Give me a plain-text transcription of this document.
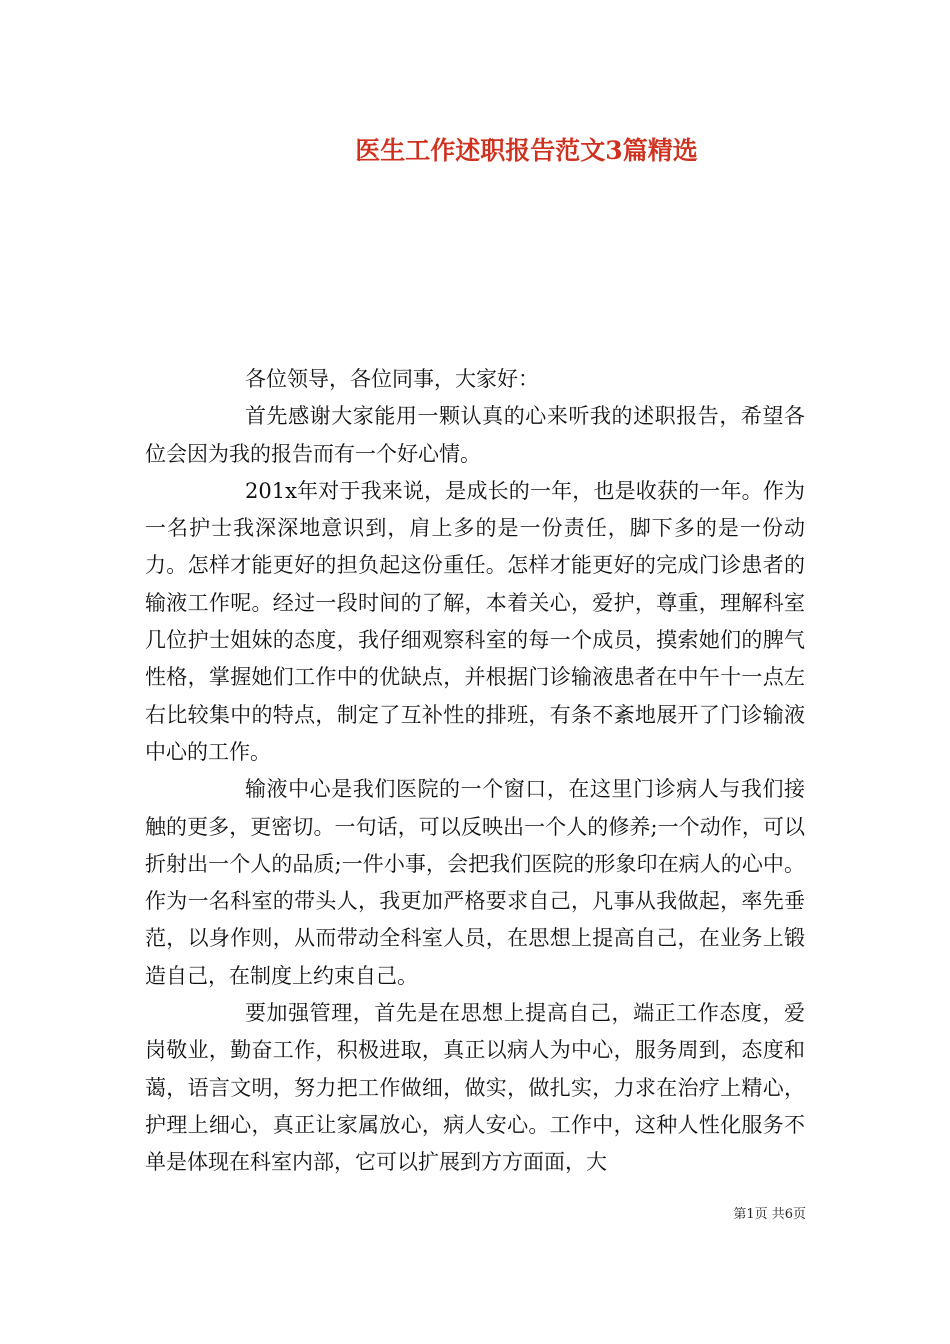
医生工作述职报告范文3篇精选

各位领导，各位同事，大家好：

首先感谢大家能用一颗认真的心来听我的述职报告，希望各位会因为我的报告而有一个好心情。

201x年对于我来说，是成长的一年，也是收获的一年。作为一名护士我深深地意识到，肩上多的是一份责任，脚下多的是一份动力。怎样才能更好的担负起这份重任。怎样才能更好的完成门诊患者的输液工作呢。经过一段时间的了解，本着关心，爱护，尊重，理解科室几位护士姐妹的态度，我仔细观察科室的每一个成员，摸索她们的脾气性格，掌握她们工作中的优缺点，并根据门诊输液患者在中午十一点左右比较集中的特点，制定了互补性的排班，有条不紊地展开了门诊输液中心的工作。

输液中心是我们医院的一个窗口，在这里门诊病人与我们接触的更多，更密切。一句话，可以反映出一个人的修养;一个动作，可以折射出一个人的品质;一件小事，会把我们医院的形象印在病人的心中。作为一名科室的带头人，我更加严格要求自己，凡事从我做起，率先垂范，以身作则，从而带动全科室人员，在思想上提高自己，在业务上锻造自己，在制度上约束自己。

要加强管理，首先是在思想上提高自己，端正工作态度，爱岗敬业，勤奋工作，积极进取，真正以病人为中心，服务周到，态度和蔼，语言文明，努力把工作做细，做实，做扎实，力求在治疗上精心，护理上细心，真正让家属放心，病人安心。工作中，这种人性化服务不单是体现在科室内部，它可以扩展到方方面面，大

第1页 共6页
